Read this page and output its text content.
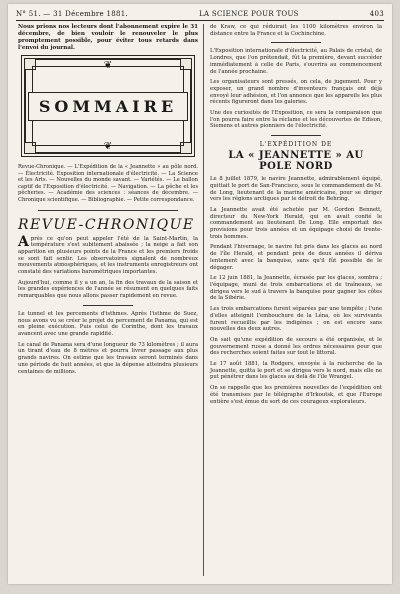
N° 51. — 31 Décembre 1881.	LA SCIENCE POUR TOUS	403
Nous prions nos lecteurs dont l'abonnement expire le 31 décembre, de bien vouloir le renouveler le plus promptement possible, pour éviter tous retards dans l'envoi du journal.
❦
SOMMAIRE
❦
Revue-Chronique. — L'Expédition de la « Jeannette » au pôle nord. — Électricité. Exposition internationale d'électricité. — La Science et les Arts. — Nouvelles du monde savant. — Variétés. — Le ballon captif de l'Exposition d'électricité. — Navigation. — La pêche et les pêcheries. — Académie des sciences : séances de décembre. — Chronique scientifique. — Bibliographie. — Petite correspondance.
REVUE-CHRONIQUE

Après ce qu'on peut appeler l'été de la Saint-Martin, la température s'est subitement abaissée ; la neige a fait son apparition en plusieurs points de la France et les premiers froids se sont fait sentir. Les observatoires signalent de nombreux mouvements atmosphériques, et les instruments enregistreurs ont constaté des variations barométriques importantes.

Aujourd'hui, comme il y a un an, la fin des travaux de la saison et les grandes expériences de l'année se résument en quelques faits remarquables que nous allons passer rapidement en revue.

Le tunnel et les percements d'isthmes. Après l'isthme de Suez, nous avons vu se créer le projet du percement de Panama, qui est en pleine exécution. Puis celui de Corinthe, dont les travaux avancent avec une grande rapidité.

Le canal de Panama sera d'une longueur de 73 kilomètres ; il aura un tirant d'eau de 8 mètres et pourra livrer passage aux plus grands navires. On estime que les travaux seront terminés dans une période de huit années, et que la dépense atteindra plusieurs centaines de millions.

de Kraw, ce qui réduirait les 1100 kilomètres environ la distance entre la France et la Cochinchine.

L'Exposition internationale d'électricité, au Palais de cristal, de Londres, que l'on prétendait, fût la première, devant succéder immédiatement à celle de Paris, s'ouvrira au commencement de l'année prochaine.

Les organisateurs sont pressés, on cela, de jugement. Pour y exposer, un grand nombre d'inventeurs français ont déjà envoyé leur adhésion, et l'on annonce que les appareils les plus récents figureront dans les galeries.

Une des curiosités de l'Exposition, ce sera la comparaison que l'on pourra faire entre la réclame et les découvertes de Edison, Siemens et autres pionniers de l'électricité.

L'EXPÉDITION DE
LA « JEANNETTE » AU POLE NORD

Le 8 juillet 1879, le navire Jeannette, admirablement équipé, quittait le port de San-Francisco, sous le commandement de M. de Long, lieutenant de la marine américaine, pour se diriger vers les régions arctiques par le détroit de Behring.

La Jeannette avait été achetée par M. Gordon Bennett, directeur du New-York Herald, qui en avait confié le commandement au lieutenant De Long. Elle emportait des provisions pour trois années et un équipage choisi de trente-trois hommes.

Pendant l'hivernage, le navire fut pris dans les glaces au nord de l'île Herald, et pendant près de deux années il dériva lentement avec la banquise, sans qu'il fût possible de le dégager.

Le 12 juin 1881, la Jeannette, écrasée par les glaces, sombra ; l'équipage, muni de trois embarcations et de traîneaux, se dirigea vers le sud à travers la banquise pour gagner les côtes de la Sibérie.

Les trois embarcations furent séparées par une tempête ; l'une d'elles atteignit l'embouchure de la Léna, où les survivants furent recueillis par les indigènes ; on est encore sans nouvelles des deux autres.

On sait qu'une expédition de secours a été organisée, et le gouvernement russe a donné les ordres nécessaires pour que des recherches soient faites sur tout le littoral.

Le 17 août 1881, la Rodgers, envoyée à la recherche de la Jeannette, quitta le port et se dirigea vers le nord, mais elle ne put pénétrer dans les glaces au delà de l'île Wrangel.

On se rappelle que les premières nouvelles de l'expédition ont été transmises par le télégraphe d'Irkoutsk, et que l'Europe entière s'est émue du sort de ces courageux explorateurs.
